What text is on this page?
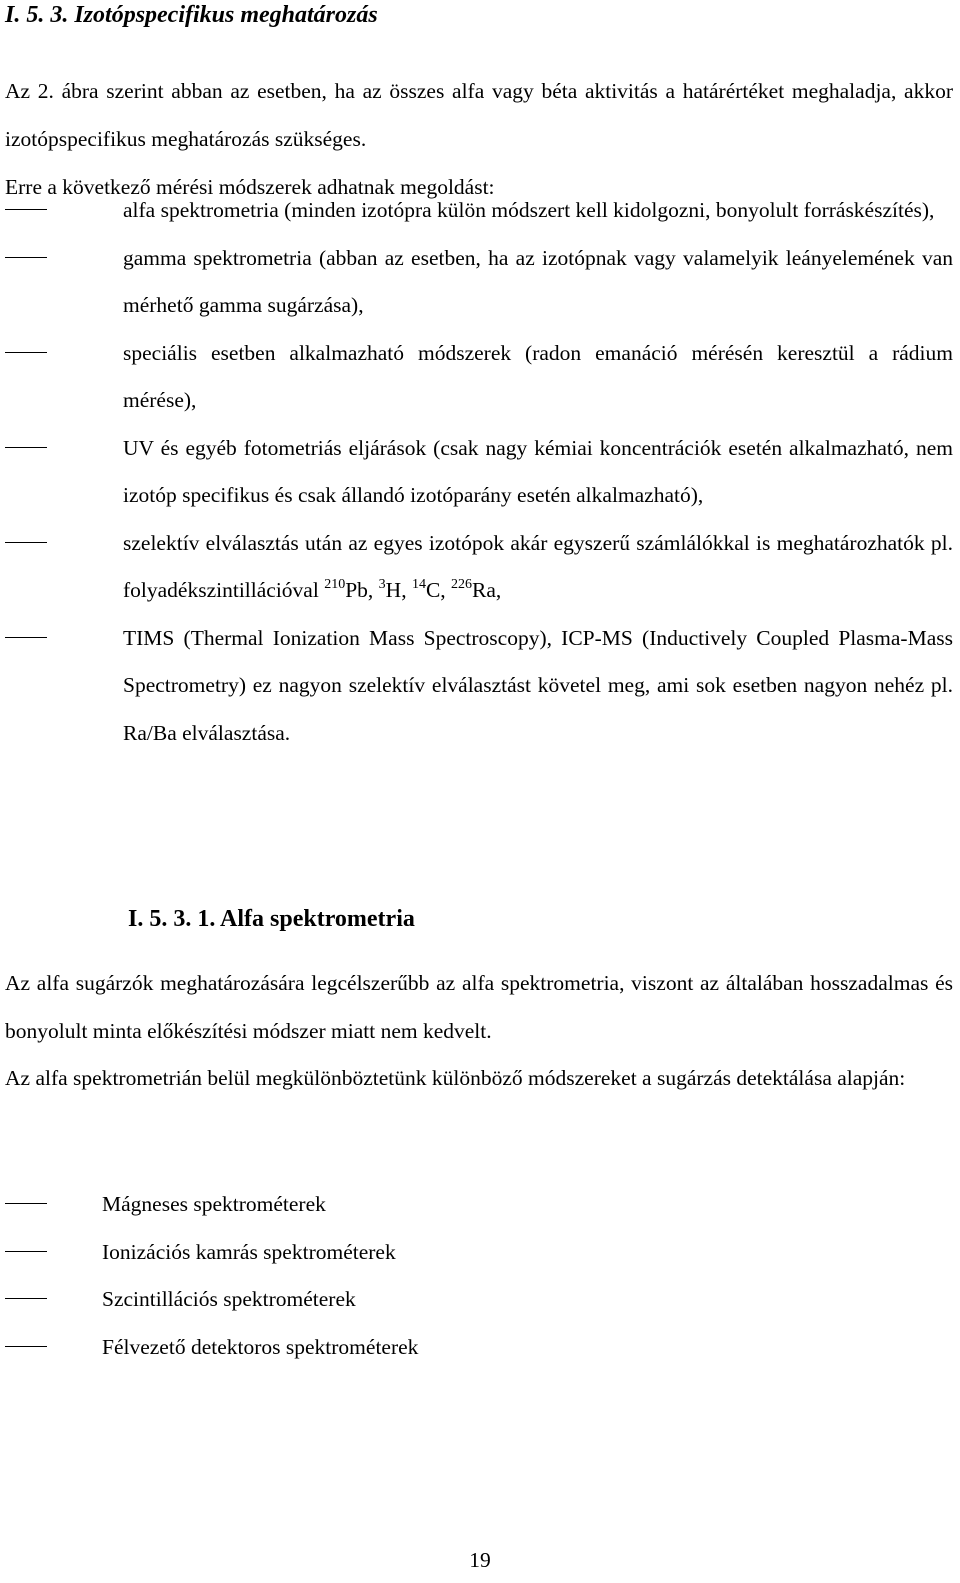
I. 5. 3. Izotópspecifikus meghatározás
Az 2. ábra szerint abban az esetben, ha az összes alfa vagy béta aktivitás a határértéket meghaladja, akkor izotópspecifikus meghatározás szükséges.
Erre a következő mérési módszerek adhatnak megoldást:
alfa spektrometria (minden izotópra külön módszert kell kidolgozni, bonyolult forráskészítés),
gamma spektrometria (abban az esetben, ha az izotópnak vagy valamelyik leányelemének van mérhető gamma sugárzása),
speciális esetben alkalmazható módszerek (radon emanáció mérésén keresztül a rádium mérése),
UV és egyéb fotometriás eljárások (csak nagy kémiai koncentrációk esetén alkalmazható, nem izotóp specifikus és csak állandó izotóparány esetén alkalmazható),
szelektív elválasztás után az egyes izotópok akár egyszerű számlálókkal is meghatározhatók pl. folyadékszintillációval $^{210}$Pb, $^3$H, $^{14}$C, $^{226}$Ra,
TIMS (Thermal Ionization Mass Spectroscopy), ICP-MS (Inductively Coupled Plasma-Mass Spectrometry) ez nagyon szelektív elválasztást követel meg, ami sok esetben nagyon nehéz pl. Ra/Ba elválasztása.
I. 5. 3. 1. Alfa spektrometria
Az alfa sugárzók meghatározására legcélszerűbb az alfa spektrometria, viszont az általában hosszadalmas és bonyolult minta előkészítési módszer miatt nem kedvelt.
Az alfa spektrometrián belül megkülönböztetünk különböző módszereket a sugárzás detektálása alapján:
Mágneses spektrométerek
Ionizációs kamrás spektrométerek
Szcintillációs spektrométerek
Félvezető detektoros spektrométerek
19
